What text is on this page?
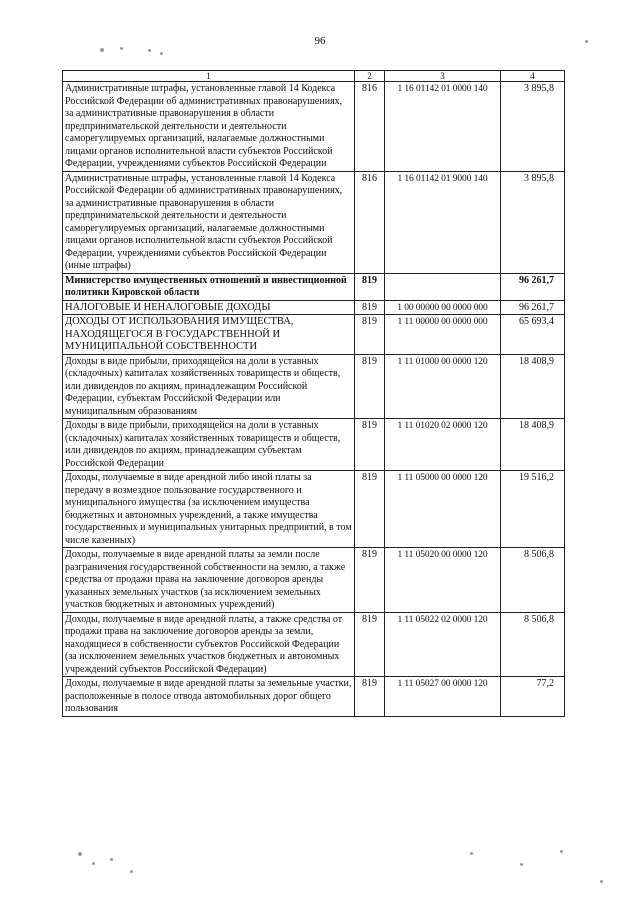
96
1	2	3	4
Административные штрафы, установленные главой 14 Кодекса Российской Федерации об административных правонарушениях, за административные правонарушения в области предпринимательской деятельности и деятельности саморегулируемых организаций, налагаемые должностными лицами органов исполнительной власти субъектов Российской Федерации, учреждениями субъектов Российской Федерации	816	1 16 01142 01 0000 140	3 895,8
Административные штрафы, установленные главой 14 Кодекса Российской Федерации об административных правонарушениях, за административные правонарушения в области предпринимательской деятельности и деятельности саморегулируемых организаций, налагаемые должностными лицами органов исполнительной власти субъектов Российской Федерации, учреждениями субъектов Российской Федерации (иные штрафы)	816	1 16 01142 01 9000 140	3 895,8
Министерство имущественных отношений и инвестиционной политики Кировской области	819		96 261,7
НАЛОГОВЫЕ И НЕНАЛОГОВЫЕ ДОХОДЫ	819	1 00 00000 00 0000 000	96 261,7
ДОХОДЫ ОТ ИСПОЛЬЗОВАНИЯ ИМУЩЕСТВА, НАХОДЯЩЕГОСЯ В ГОСУДАРСТВЕННОЙ И МУНИЦИПАЛЬНОЙ СОБСТВЕННОСТИ	819	1 11 00000 00 0000 000	65 693,4
Доходы в виде прибыли, приходящейся на доли в уставных (складочных) капиталах хозяйственных товариществ и обществ, или дивидендов по акциям, принадлежащим Российской Федерации, субъектам Российской Федерации или муниципальным образованиям	819	1 11 01000 00 0000 120	18 408,9
Доходы в виде прибыли, приходящейся на доли в уставных (складочных) капиталах хозяйственных товариществ и обществ, или дивидендов по акциям, принадлежащим субъектам Российской Федерации	819	1 11 01020 02 0000 120	18 408,9
Доходы, получаемые в виде арендной либо иной платы за передачу в возмездное пользование государственного и муниципального имущества (за исключением имущества бюджетных и автономных учреждений, а также имущества государственных и муниципальных унитарных предприятий, в том числе казенных)	819	1 11 05000 00 0000 120	19 516,2
Доходы, получаемые в виде арендной платы за земли после разграничения государственной собственности на землю, а также средства от продажи права на заключение договоров аренды указанных земельных участков (за исключением земельных участков бюджетных и автономных учреждений)	819	1 11 05020 00 0000 120	8 506,8
Доходы, получаемые в виде арендной платы, а также средства от продажи права на заключение договоров аренды за земли, находящиеся в собственности субъектов Российской Федерации (за исключением земельных участков бюджетных и автономных учреждений субъектов Российской Федерации)	819	1 11 05022 02 0000 120	8 506,8
Доходы, получаемые в виде арендной платы за земельные участки, расположенные в полосе отвода автомобильных дорог общего пользования	819	1 11 05027 00 0000 120	77,2
